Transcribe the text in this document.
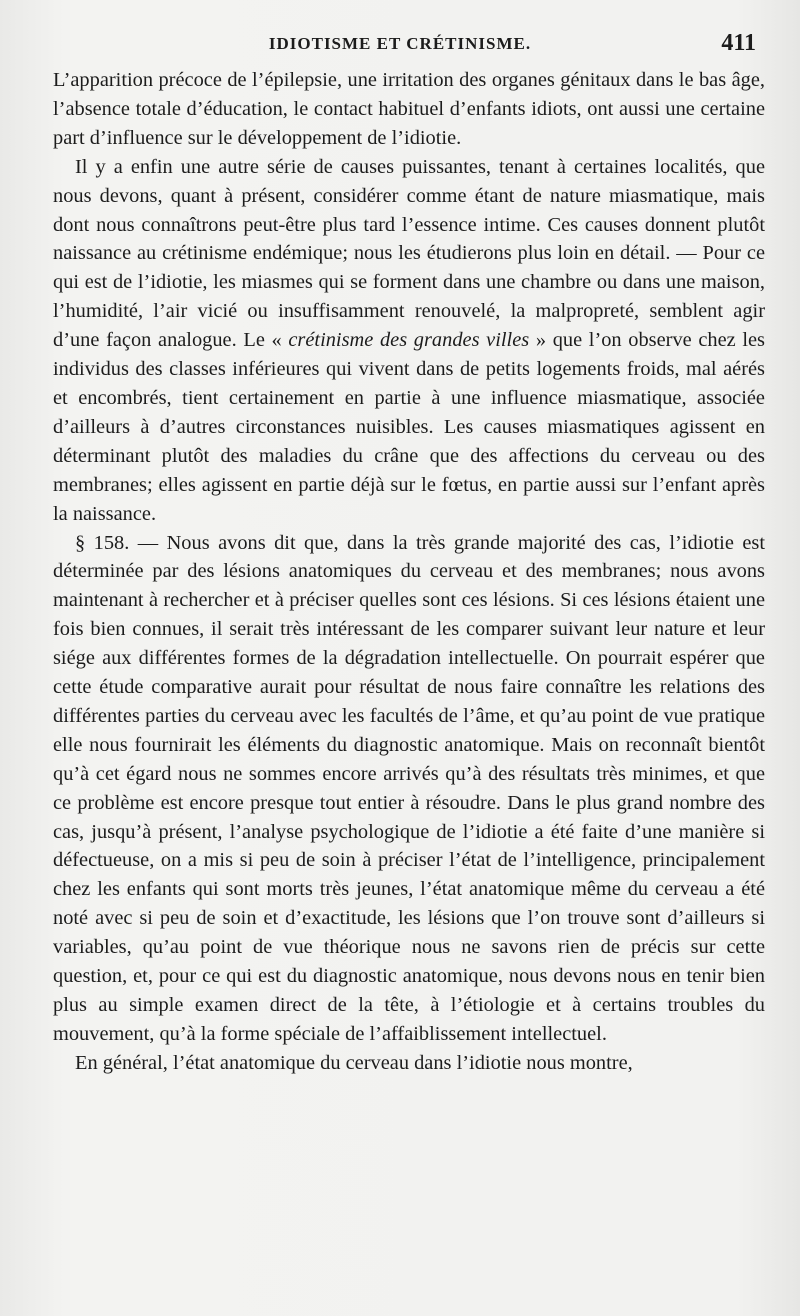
IDIOTISME ET CRÉTINISME.	411

L’apparition précoce de l’épilepsie, une irritation des organes génitaux dans le bas âge, l’absence totale d’éducation, le contact habituel d’enfants idiots, ont aussi une certaine part d’influence sur le développement de l’idiotie.

Il y a enfin une autre série de causes puissantes, tenant à certaines localités, que nous devons, quant à présent, considérer comme étant de nature miasmatique, mais dont nous connaîtrons peut-être plus tard l’essence intime. Ces causes donnent plutôt naissance au crétinisme endémique; nous les étudierons plus loin en détail. — Pour ce qui est de l’idiotie, les miasmes qui se forment dans une chambre ou dans une maison, l’humidité, l’air vicié ou insuffisamment renouvelé, la malpropreté, semblent agir d’une façon analogue. Le « crétinisme des grandes villes » que l’on observe chez les individus des classes inférieures qui vivent dans de petits logements froids, mal aérés et encombrés, tient certainement en partie à une influence miasmatique, associée d’ailleurs à d’autres circonstances nuisibles. Les causes miasmatiques agissent en déterminant plutôt des maladies du crâne que des affections du cerveau ou des membranes; elles agissent en partie déjà sur le fœtus, en partie aussi sur l’enfant après la naissance.

§ 158. — Nous avons dit que, dans la très grande majorité des cas, l’idiotie est déterminée par des lésions anatomiques du cerveau et des membranes; nous avons maintenant à rechercher et à préciser quelles sont ces lésions. Si ces lésions étaient une fois bien connues, il serait très intéressant de les comparer suivant leur nature et leur siége aux différentes formes de la dégradation intellectuelle. On pourrait espérer que cette étude comparative aurait pour résultat de nous faire connaître les relations des différentes parties du cerveau avec les facultés de l’âme, et qu’au point de vue pratique elle nous fournirait les éléments du diagnostic anatomique. Mais on reconnaît bientôt qu’à cet égard nous ne sommes encore arrivés qu’à des résultats très minimes, et que ce problème est encore presque tout entier à résoudre. Dans le plus grand nombre des cas, jusqu’à présent, l’analyse psychologique de l’idiotie a été faite d’une manière si défectueuse, on a mis si peu de soin à préciser l’état de l’intelligence, principalement chez les enfants qui sont morts très jeunes, l’état anatomique même du cerveau a été noté avec si peu de soin et d’exactitude, les lésions que l’on trouve sont d’ailleurs si variables, qu’au point de vue théorique nous ne savons rien de précis sur cette question, et, pour ce qui est du diagnostic anatomique, nous devons nous en tenir bien plus au simple examen direct de la tête, à l’étiologie et à certains troubles du mouvement, qu’à la forme spéciale de l’affaiblissement intellectuel.

En général, l’état anatomique du cerveau dans l’idiotie nous montre,
